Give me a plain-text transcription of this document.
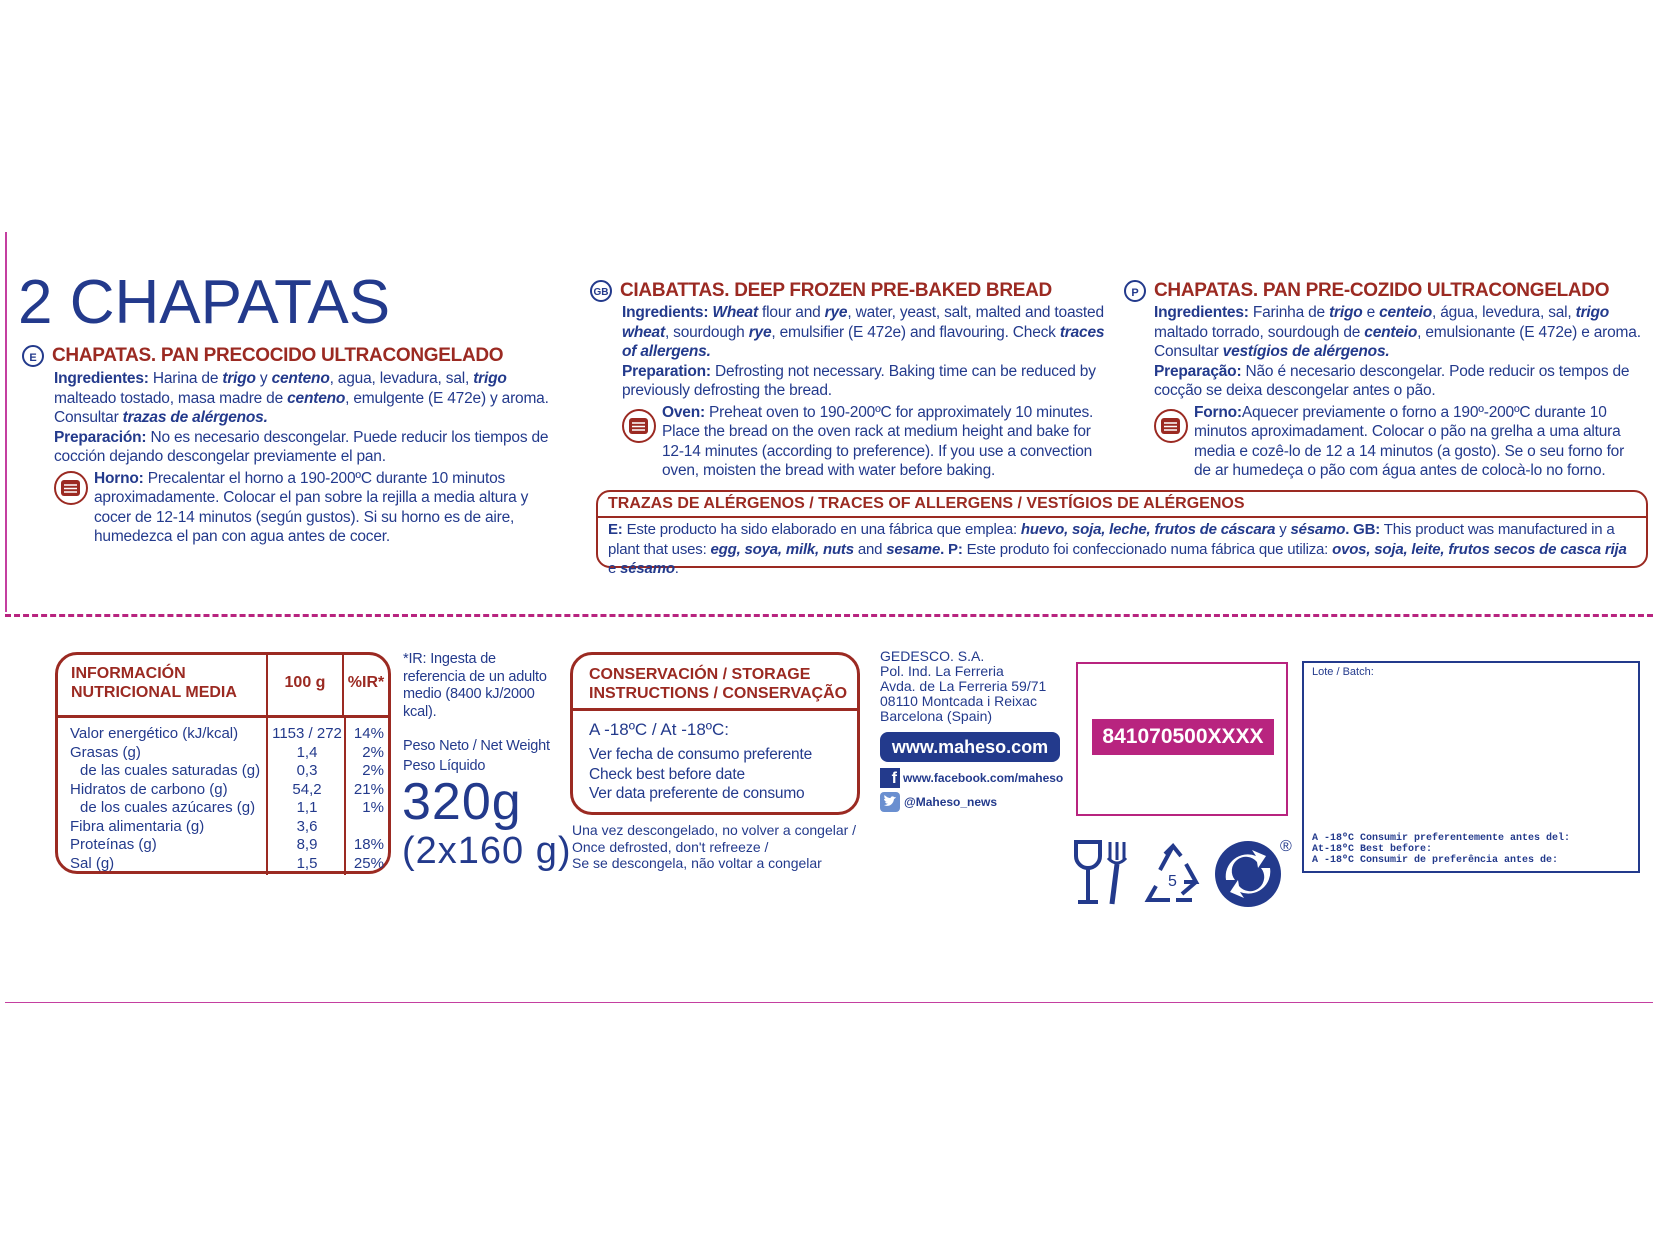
2 CHAPATAS
E CHAPATAS. PAN PRECOCIDO ULTRACONGELADO
Ingredientes: Harina de trigo y centeno, agua, levadura, sal, trigo malteado tostado, masa madre de centeno, emulgente (E 472e) y aroma. Consultar trazas de alérgenos.
Preparación: No es necesario descongelar. Puede reducir los tiempos de cocción dejando descongelar previamente el pan.
Horno: Precalentar el horno a 190-200ºC durante 10 minutos aproximadamente. Colocar el pan sobre la rejilla a media altura y cocer de 12-14 minutos (según gustos). Si su horno es de aire, humedezca el pan con agua antes de cocer.
GB CIABATTAS. DEEP FROZEN PRE-BAKED BREAD
Ingredients: Wheat flour and rye, water, yeast, salt, malted and toasted wheat, sourdough rye, emulsifier (E 472e) and flavouring. Check traces of allergens.
Preparation: Defrosting not necessary. Baking time can be reduced by previously defrosting the bread.
Oven: Preheat oven to 190-200ºC for approximately 10 minutes. Place the bread on the oven rack at medium height and bake for 12-14 minutes (according to preference). If you use a convection oven, moisten the bread with water before baking.
P CHAPATAS. PAN PRE-COZIDO ULTRACONGELADO
Ingredientes: Farinha de trigo e centeio, água, levedura, sal, trigo maltado torrado, sourdough de centeio, emulsionante (E 472e) e aroma. Consultar vestígios de alérgenos.
Preparação: Não é necesario descongelar. Pode reducir os tempos de cocção se deixa descongelar antes o pão.
Forno:Aquecer previamente o forno a 190º-200ºC durante 10 minutos aproximadament. Colocar o pão na grelha a uma altura media e cozê-lo de 12 a 14 minutos (a gosto). Se o seu forno for de ar humedeça o pão com água antes de colocà-lo no forno.
TRAZAS DE ALÉRGENOS / TRACES OF ALLERGENS / VESTÍGIOS DE ALÉRGENOS
E: Este producto ha sido elaborado en una fábrica que emplea: huevo, soja, leche, frutos de cáscara y sésamo. GB: This product was manufactured in a plant that uses: egg, soya, milk, nuts and sesame. P: Este produto foi confeccionado numa fábrica que utiliza: ovos, soja, leite, frutos secos de casca rija e sésamo.
INFORMACIÓN
NUTRICIONAL MEDIA
100 g	%IR*
Valor energético (kJ/kcal)	1153 / 272	14%
Grasas (g)	1,4	2%
de las cuales saturadas (g)	0,3	2%
Hidratos de carbono (g)	54,2	21%
de los cuales azúcares (g)	1,1	1%
Fibra alimentaria (g)	3,6	
Proteínas (g)	8,9	18%
Sal (g)	1,5	25%
*IR: Ingesta de referencia de un adulto medio (8400 kJ/2000 kcal).
Peso Neto / Net Weight
Peso Líquido
320g
(2x160 g)
CONSERVACIÓN / STORAGE
INSTRUCTIONS / CONSERVAÇÃO
A -18ºC / At -18ºC:
Ver fecha de consumo preferente
Check best before date
Ver data preferente de consumo
Una vez descongelado, no volver a congelar /
Once defrosted, don't refreeze /
Se se descongela, não voltar a congelar
GEDESCO. S.A.
Pol. Ind. La Ferreria
Avda. de La Ferreria 59/71
08110 Montcada i Reixac
Barcelona (Spain)
www.maheso.com
f www.facebook.com/maheso
@Maheso_news
841070500XXXX
5
®
Lote / Batch:
A -18ºC Consumir preferentemente antes del:
At-18ºC Best before:
A -18ºC Consumir de preferência antes de:
